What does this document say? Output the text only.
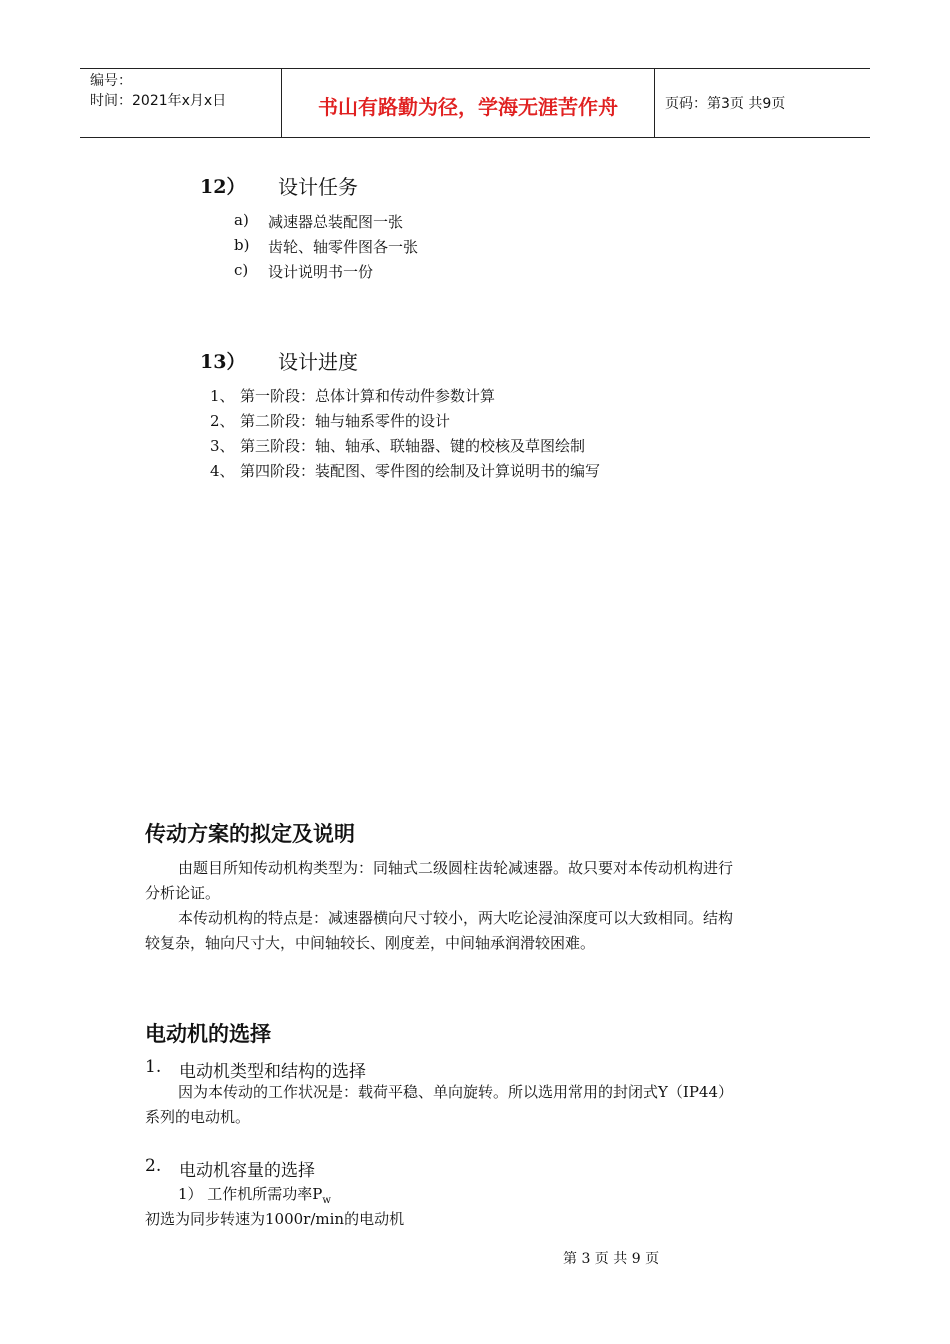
编号：
时间：2021年x月x日	书山有路勤为径，学海无涯苦作舟	页码：第3页 共9页
12） 设计任务
a) 减速器总装配图一张
b) 齿轮、轴零件图各一张
c) 设计说明书一份
13） 设计进度
1、 第一阶段：总体计算和传动件参数计算
2、 第二阶段：轴与轴系零件的设计
3、 第三阶段：轴、轴承、联轴器、键的校核及草图绘制
4、 第四阶段：装配图、零件图的绘制及计算说明书的编写
传动方案的拟定及说明
由题目所知传动机构类型为：同轴式二级圆柱齿轮减速器。故只要对本传动机构进行
分析论证。
本传动机构的特点是：减速器横向尺寸较小，两大吃论浸油深度可以大致相同。结构
较复杂，轴向尺寸大，中间轴较长、刚度差，中间轴承润滑较困难。
电动机的选择
1. 电动机类型和结构的选择
因为本传动的工作状况是：载荷平稳、单向旋转。所以选用常用的封闭式Y（IP44）
系列的电动机。
2. 电动机容量的选择
1） 工作机所需功率$P_w$
初选为同步转速为1000r/min的电动机
第 3 页 共 9 页
